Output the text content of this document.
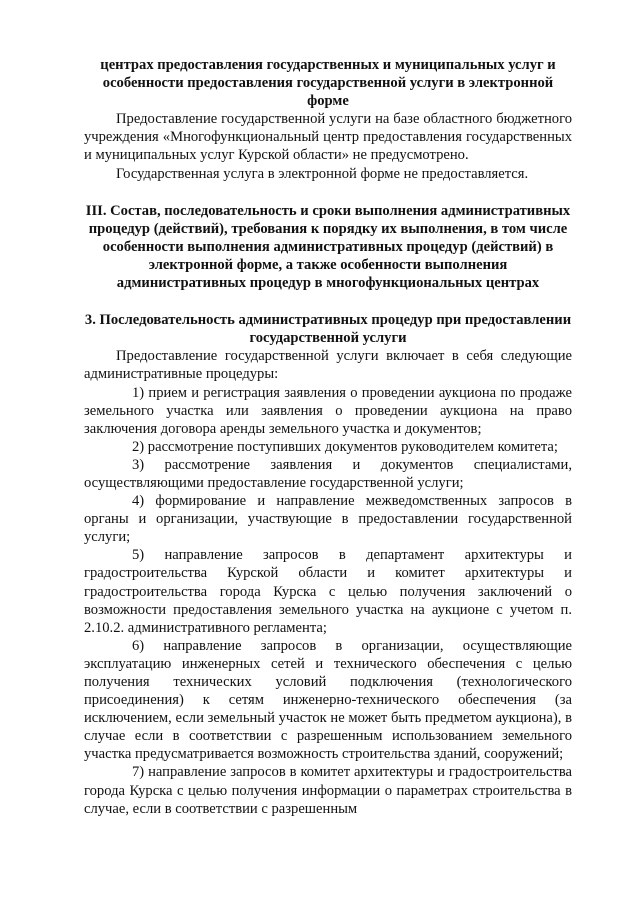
центрах предоставления государственных и муниципальных услуг и особенности предоставления государственной услуги в электронной форме

Предоставление государственной услуги на базе областного бюджетного учреждения «Многофункциональный центр предоставления государственных и муниципальных услуг Курской области» не предусмотрено.

Государственная услуга в электронной форме не предоставляется.

III. Состав, последовательность и сроки выполнения административных процедур (действий), требования к порядку их выполнения, в том числе особенности выполнения административных процедур (действий) в электронной форме, а также особенности выполнения административных процедур в многофункциональных центрах

3. Последовательность административных процедур при предоставлении государственной услуги

Предоставление государственной услуги включает в себя следующие административные процедуры:

1) прием и регистрация заявления о проведении аукциона по продаже земельного участка или заявления о проведении аукциона на право заключения договора аренды земельного участка и документов;

2) рассмотрение поступивших документов руководителем комитета;

3) рассмотрение заявления и документов специалистами, осуществляющими предоставление государственной услуги;

4) формирование и направление межведомственных запросов в органы и организации, участвующие в предоставлении государственной услуги;

5) направление запросов в департамент архитектуры и градостроительства Курской области и комитет архитектуры и градостроительства города Курска с целью получения заключений о возможности предоставления земельного участка на аукционе с учетом п. 2.10.2. административного регламента;

6) направление запросов в организации, осуществляющие эксплуатацию инженерных сетей и технического обеспечения с целью получения технических условий подключения (технологического присоединения) к сетям инженерно-технического обеспечения (за исключением, если земельный участок не может быть предметом аукциона), в случае если в соответствии с разрешенным использованием земельного участка предусматривается возможность строительства зданий, сооружений;

7) направление запросов в комитет архитектуры и градостроительства города Курска с целью получения информации о параметрах строительства в случае, если в соответствии с разрешенным
